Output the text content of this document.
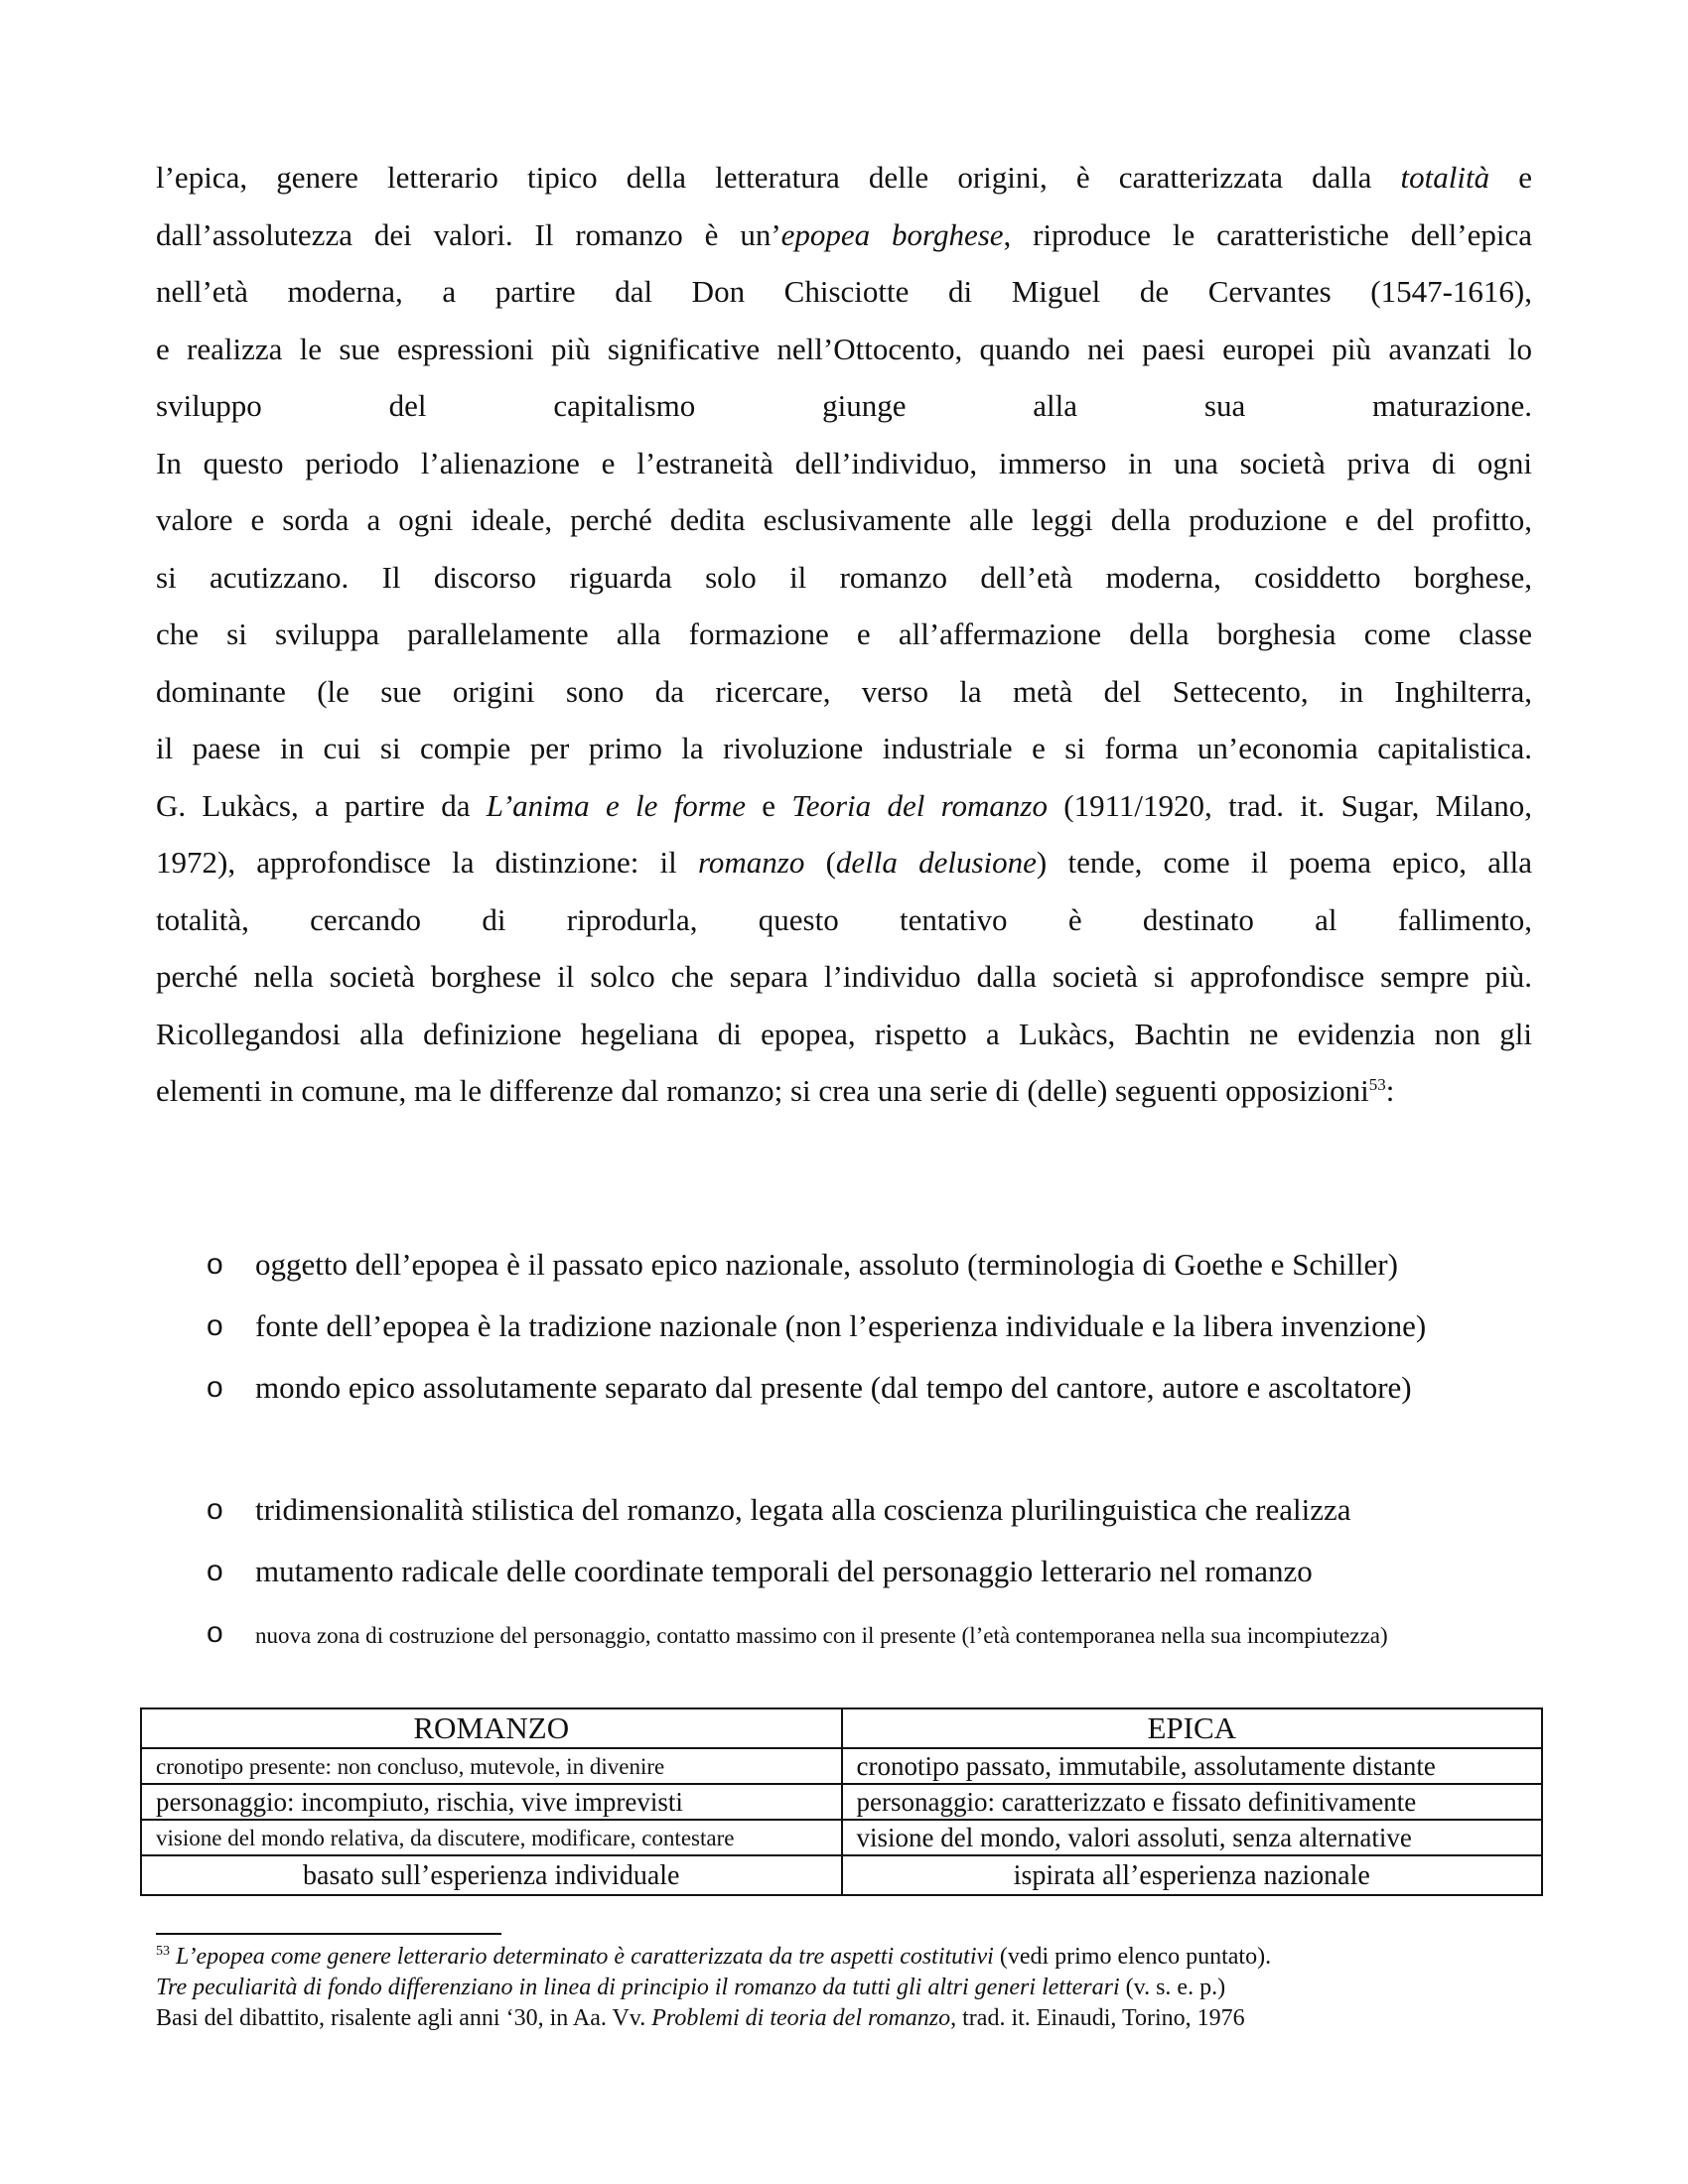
l’epica, genere letterario tipico della letteratura delle origini, è caratterizzata dalla totalità e
dall’assolutezza dei valori. Il romanzo è un’epopea borghese, riproduce le caratteristiche dell’epica
nell’età moderna, a partire dal Don Chisciotte di Miguel de Cervantes (1547-1616),
e realizza le sue espressioni più significative nell’Ottocento, quando nei paesi europei più avanzati lo
sviluppo del capitalismo giunge alla sua maturazione.
In questo periodo l’alienazione e l’estraneità dell’individuo, immerso in una società priva di ogni
valore e sorda a ogni ideale, perché dedita esclusivamente alle leggi della produzione e del profitto,
si acutizzano. Il discorso riguarda solo il romanzo dell’età moderna, cosiddetto borghese,
che si sviluppa parallelamente alla formazione e all’affermazione della borghesia come classe
dominante (le sue origini sono da ricercare, verso la metà del Settecento, in Inghilterra,
il paese in cui si compie per primo la rivoluzione industriale e si forma un’economia capitalistica.
G. Lukàcs, a partire da L’anima e le forme e Teoria del romanzo (1911/1920, trad. it. Sugar, Milano,
1972), approfondisce la distinzione: il romanzo (della delusione) tende, come il poema epico, alla
totalità, cercando di riprodurla, questo tentativo è destinato al fallimento,
perché nella società borghese il solco che separa l’individuo dalla società si approfondisce sempre più.
Ricollegandosi alla definizione hegeliana di epopea, rispetto a Lukàcs, Bachtin ne evidenzia non gli
elementi in comune, ma le differenze dal romanzo; si crea una serie di (delle) seguenti opposizioni$^{53}$:
o oggetto dell’epopea è il passato epico nazionale, assoluto (terminologia di Goethe e Schiller)
o fonte dell’epopea è la tradizione nazionale (non l’esperienza individuale e la libera invenzione)
o mondo epico assolutamente separato dal presente (dal tempo del cantore, autore e ascoltatore)
o tridimensionalità stilistica del romanzo, legata alla coscienza plurilinguistica che realizza
o mutamento radicale delle coordinate temporali del personaggio letterario nel romanzo
o nuova zona di costruzione del personaggio, contatto massimo con il presente (l’età contemporanea nella sua incompiutezza)
ROMANZO	EPICA
cronotipo presente: non concluso, mutevole, in divenire	cronotipo passato, immutabile, assolutamente distante
personaggio: incompiuto, rischia, vive imprevisti	personaggio: caratterizzato e fissato definitivamente
visione del mondo relativa, da discutere, modificare, contestare	visione del mondo, valori assoluti, senza alternative
basato sull’esperienza individuale	ispirata all’esperienza nazionale
$^{53}$ L’epopea come genere letterario determinato è caratterizzata da tre aspetti costitutivi (vedi primo elenco puntato).
Tre peculiarità di fondo differenziano in linea di principio il romanzo da tutti gli altri generi letterari (v. s. e. p.)
Basi del dibattito, risalente agli anni ‘30, in Aa. Vv. Problemi di teoria del romanzo, trad. it. Einaudi, Torino, 1976
